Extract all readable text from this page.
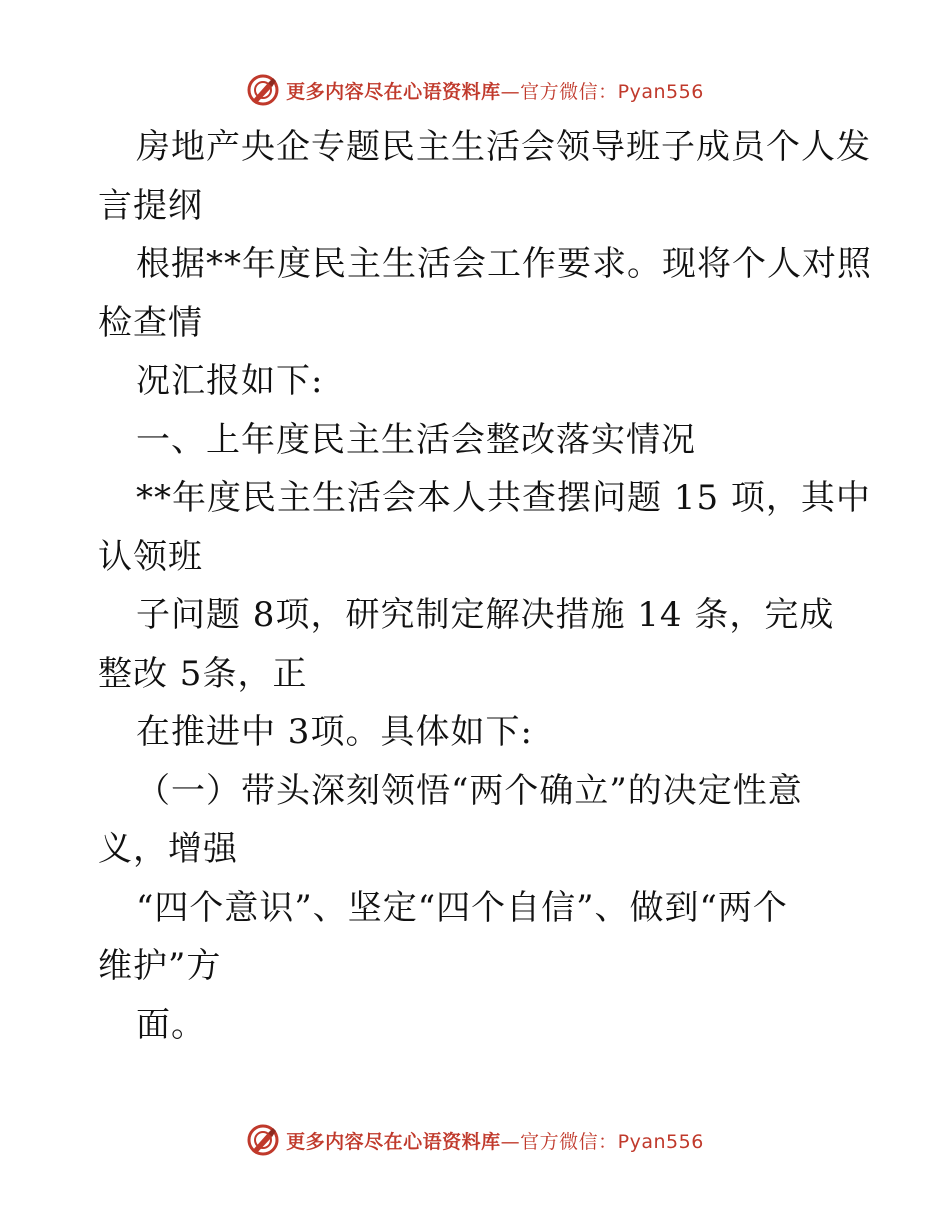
更多内容尽在心语资料库—官方微信：Pyan556
房地产央企专题民主生活会领导班子成员个人发
言提纲
根据**年度民主生活会工作要求。现将个人对照
检查情
况汇报如下:
一、上年度民主生活会整改落实情况
**年度民主生活会本人共查摆问题 15 项，其中
认领班
子问题 8项，研究制定解决措施 14 条，完成
整改 5条，正
在推进中 3项。具体如下:
（一）带头深刻领悟“两个确立”的决定性意
义，增强
“四个意识”、坚定“四个自信”、做到“两个
维护”方
面。
更多内容尽在心语资料库—官方微信：Pyan556
